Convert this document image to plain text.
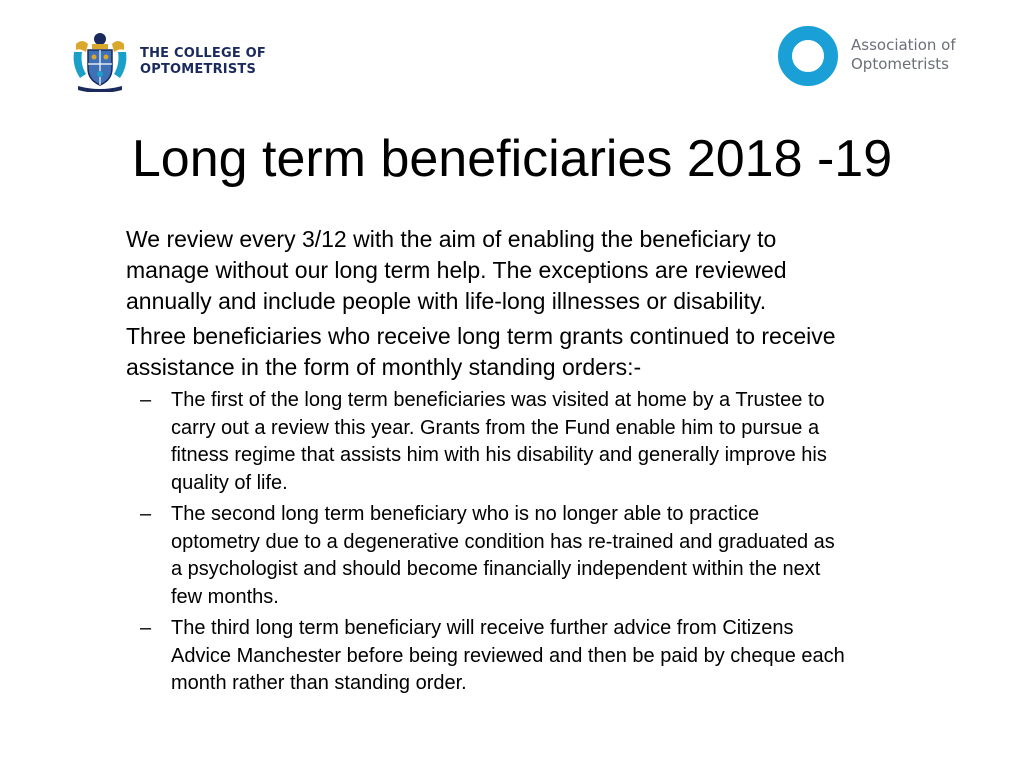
THE COLLEGE OF
OPTOMETRISTS
Association of
Optometrists
Long term beneficiaries 2018 -19

We review every 3/12 with the aim of enabling the beneficiary to
manage without our long term help. The exceptions are reviewed
annually and include people with life-long illnesses or disability.

Three beneficiaries who receive long term grants continued to receive
assistance in the form of monthly standing orders:-

– The first of the long term beneficiaries was visited at home by a Trustee to
carry out a review this year. Grants from the Fund enable him to pursue a
fitness regime that assists him with his disability and generally improve his
quality of life.
– The second long term beneficiary who is no longer able to practice
optometry due to a degenerative condition has re-trained and graduated as
a psychologist and should become financially independent within the next
few months.
– The third long term beneficiary will receive further advice from Citizens
Advice Manchester before being reviewed and then be paid by cheque each
month rather than standing order.
